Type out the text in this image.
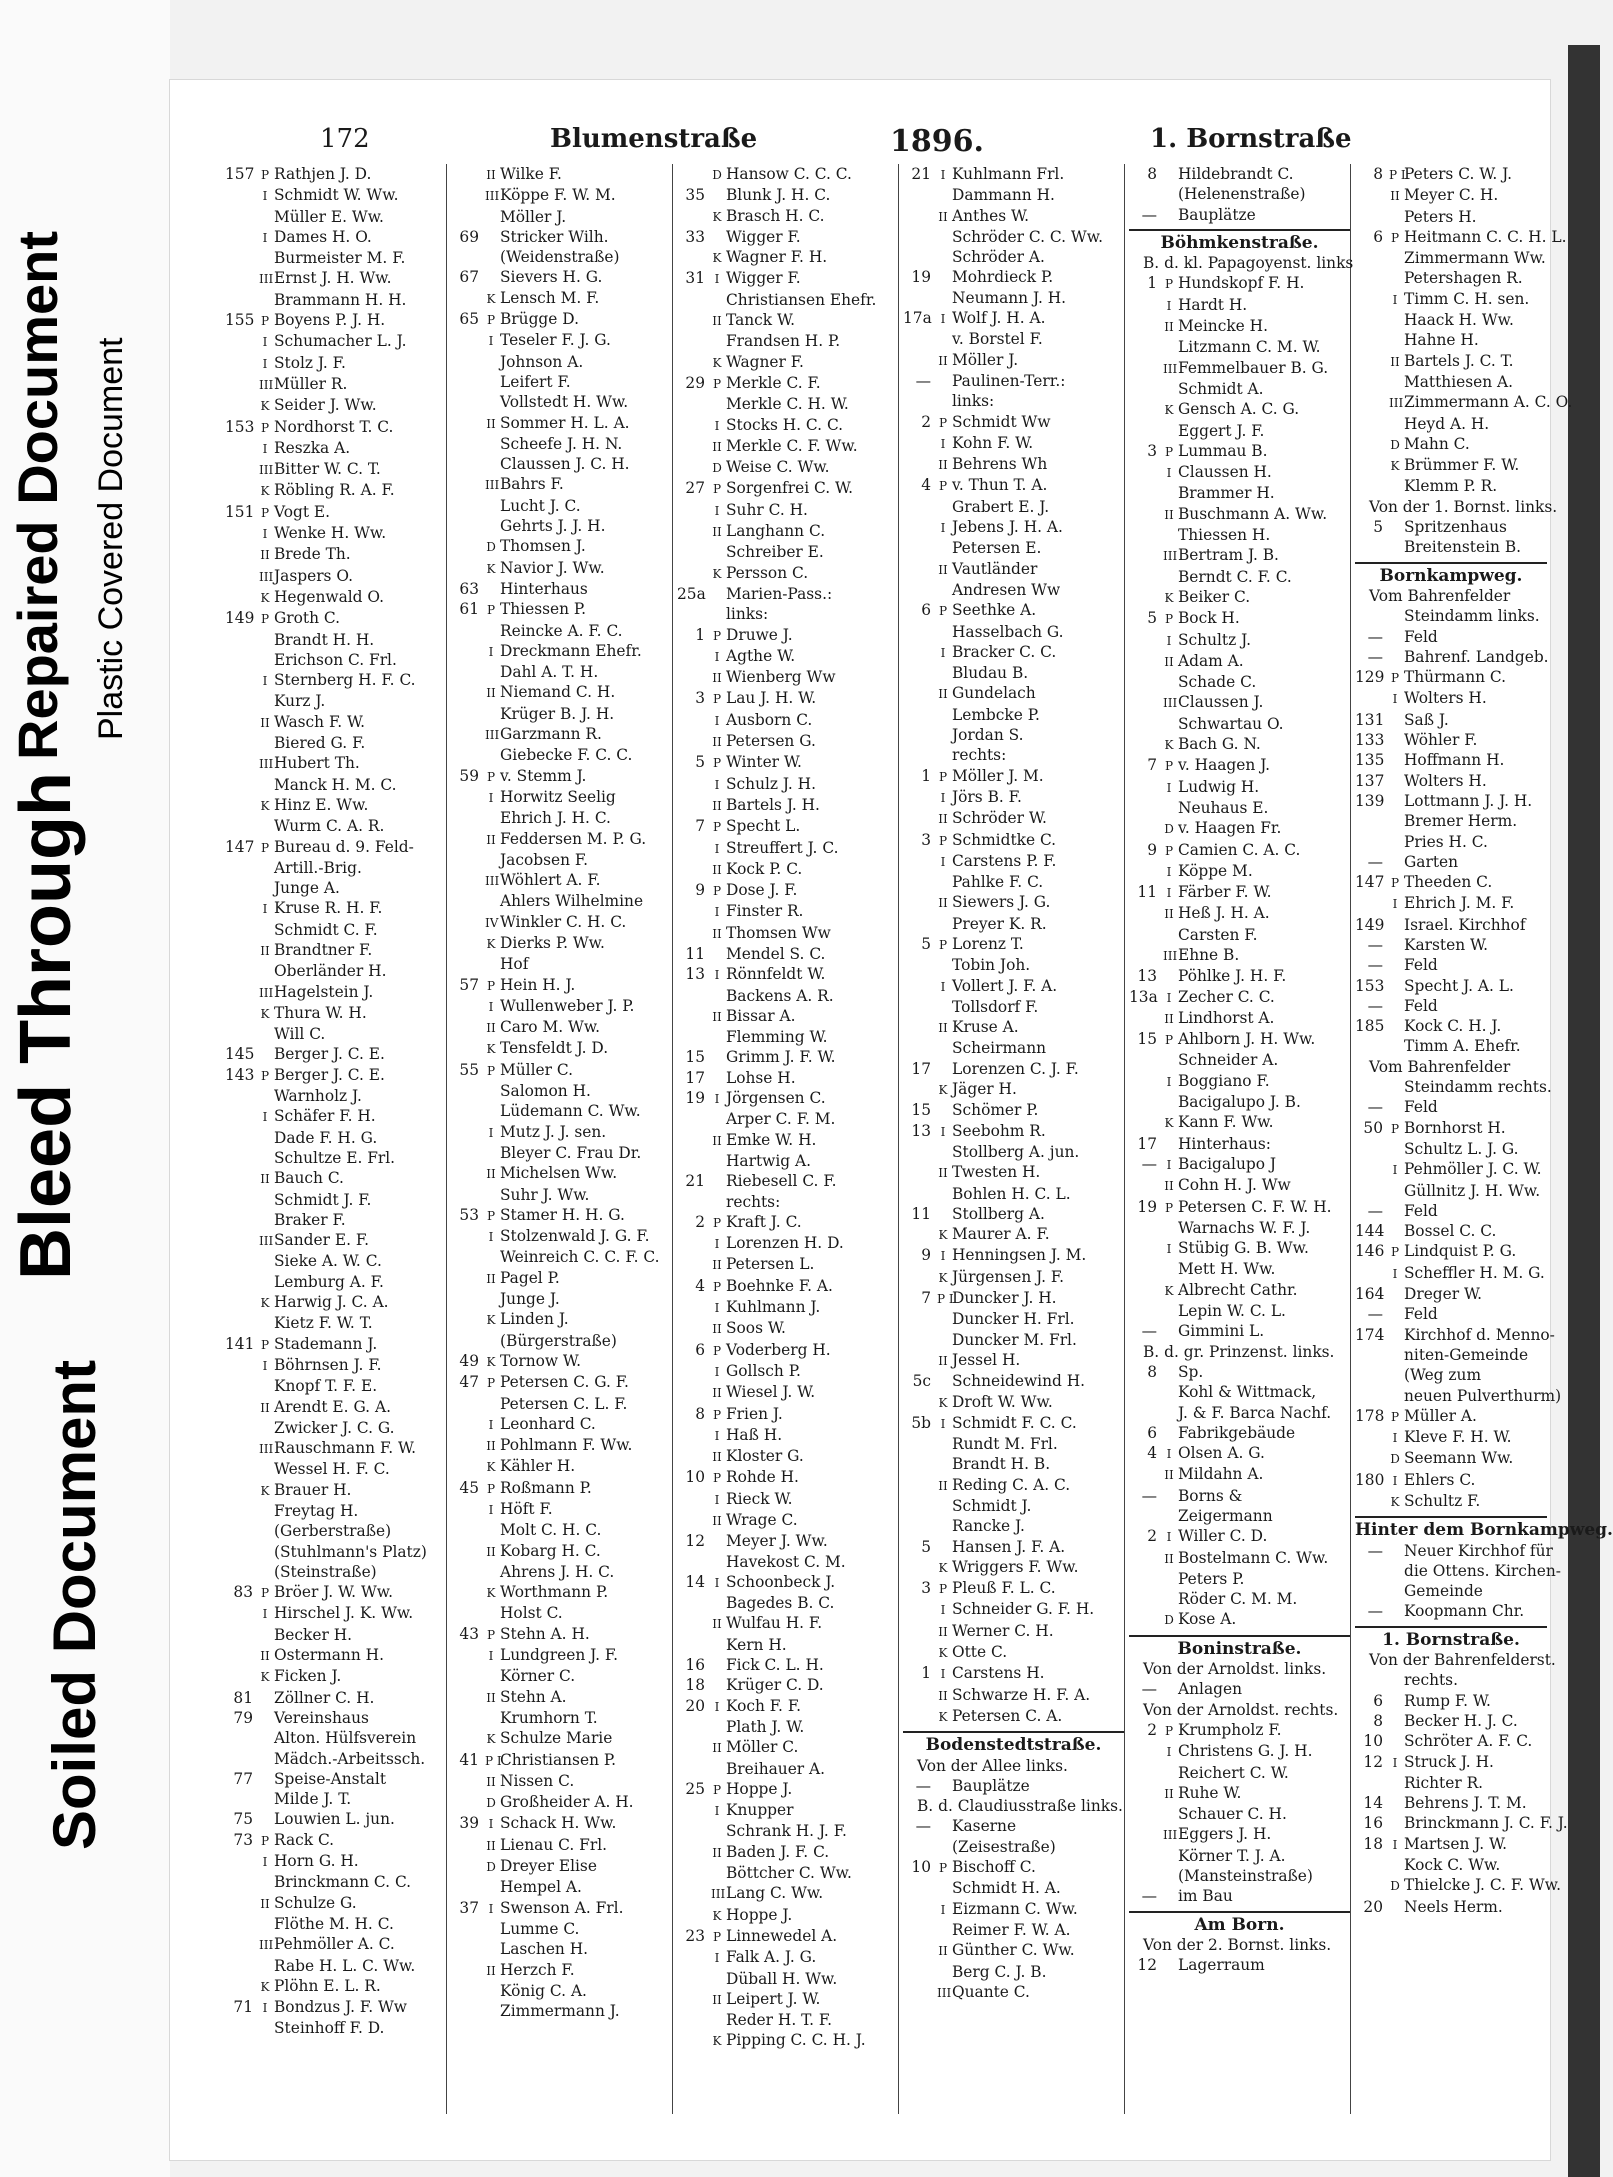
Soiled Document
Bleed Through
Repaired Document Plastic Covered Document
172	Blumenstraße	1896.	1. Bornstraße
157 P Rathjen J. D.
I Schmidt W. Ww.
Müller E. Ww.
I Dames H. O.
Burmeister M. F.
IIIErnst J. H. Ww.
Brammann H. H.
155 P Boyens P. J. H.
I Schumacher L. J.
I Stolz J. F.
IIIMüller R.
K Seider J. Ww.
153 P Nordhorst T. C.
I Reszka A.
IIIBitter W. C. T.
K Röbling R. A. F.
151 P Vogt E.
I Wenke H. Ww.
II Brede Th.
IIIJaspers O.
K Hegenwald O.
149 P Groth C.
Brandt H. H.
Erichson C. Frl.
I Sternberg H. F. C.
Kurz J.
II Wasch F. W.
Biered G. F.
IIIHubert Th.
Manck H. M. C.
K Hinz E. Ww.
Wurm C. A. R.
147 P Bureau d. 9. Feld-
Artill.-Brig.
Junge A.
I Kruse R. H. F.
Schmidt C. F.
II Brandtner F.
Oberländer H.
IIIHagelstein J.
K Thura W. H.
Will C.
145 Berger J. C. E.
143 P Berger J. C. E.
Warnholz J.
I Schäfer F. H.
Dade F. H. G.
Schultze E. Frl.
II Bauch C.
Schmidt J. F.
Braker F.
IIISander E. F.
Sieke A. W. C.
Lemburg A. F.
K Harwig J. C. A.
Kietz F. W. T.
141 P Stademann J.
I Böhrnsen J. F.
Knopf T. F. E.
II Arendt E. G. A.
Zwicker J. C. G.
IIIRauschmann F. W.
Wessel H. F. C.
K Brauer H.
Freytag H.
(Gerberstraße)
(Stuhlmann's Platz)
(Steinstraße)
83 P Bröer J. W. Ww.
I Hirschel J. K. Ww.
Becker H.
II Ostermann H.
K Ficken J.
81 Zöllner C. H.
79 Vereinshaus
Alton. Hülfsverein
Mädch.-Arbeitssch.
77 Speise-Anstalt
Milde J. T.
75 Louwien L. jun.
73 P Rack C.
I Horn G. H.
Brinckmann C. C.
II Schulze G.
Flöthe M. H. C.
IIIPehmöller A. C.
Rabe H. L. C. Ww.
K Plöhn E. L. R.
71 I Bondzus J. F. Ww
Steinhoff F. D.
II Wilke F.
IIIKöppe F. W. M.
Möller J.
69 Stricker Wilh.
(Weidenstraße)
67 Sievers H. G.
K Lensch M. F.
65 P Brügge D.
I Teseler F. J. G.
Johnson A.
Leifert F.
Vollstedt H. Ww.
II Sommer H. L. A.
Scheefe J. H. N.
Claussen J. C. H.
IIIBahrs F.
Lucht J. C.
Gehrts J. J. H.
D Thomsen J.
K Navior J. Ww.
63 Hinterhaus
61 P Thiessen P.
Reincke A. F. C.
I Dreckmann Ehefr.
Dahl A. T. H.
II Niemand C. H.
Krüger B. J. H.
IIIGarzmann R.
Giebecke F. C. C.
59 P v. Stemm J.
I Horwitz Seelig
Ehrich J. H. C.
II Feddersen M. P. G.
Jacobsen F.
IIIWöhlert A. F.
Ahlers Wilhelmine
IV Winkler C. H. C.
K Dierks P. Ww.
Hof
57 P Hein H. J.
I Wullenweber J. P.
II Caro M. Ww.
K Tensfeldt J. D.
55 P Müller C.
Salomon H.
Lüdemann C. Ww.
I Mutz J. J. sen.
Bleyer C. Frau Dr.
II Michelsen Ww.
Suhr J. Ww.
53 P Stamer H. H. G.
I Stolzenwald J. G. F.
Weinreich C. C. F. C.
II Pagel P.
Junge J.
K Linden J.
(Bürgerstraße)
49 K Tornow W.
47 P Petersen C. G. F.
Petersen C. L. F.
I Leonhard C.
II Pohlmann F. Ww.
K Kähler H.
45 P Roßmann P.
I Höft F.
Molt C. H. C.
II Kobarg H. C.
Ahrens J. H. C.
K Worthmann P.
Holst C.
43 P Stehn A. H.
I Lundgreen J. F.
Körner C.
II Stehn A.
Krumhorn T.
K Schulze Marie
41 P IChristiansen P.
II Nissen C.
D Großheider A. H.
39 I Schack H. Ww.
II Lienau C. Frl.
D Dreyer Elise
Hempel A.
37 I Swenson A. Frl.
Lumme C.
Laschen H.
II Herzch F.
König C. A.
Zimmermann J.
D Hansow C. C. C.
35 Blunk J. H. C.
K Brasch H. C.
33 Wigger F.
K Wagner F. H.
31 I Wigger F.
Christiansen Ehefr.
II Tanck W.
Frandsen H. P.
K Wagner F.
29 P Merkle C. F.
Merkle C. H. W.
I Stocks H. C. C.
II Merkle C. F. Ww.
D Weise C. Ww.
27 P Sorgenfrei C. W.
I Suhr C. H.
II Langhann C.
Schreiber E.
K Persson C.
25a Marien-Pass.:
links:
1 P Druwe J.
I Agthe W.
II Wienberg Ww
3 P Lau J. H. W.
I Ausborn C.
II Petersen G.
5 P Winter W.
I Schulz J. H.
II Bartels J. H.
7 P Specht L.
I Streuffert J. C.
II Kock P. C.
9 P Dose J. F.
I Finster R.
II Thomsen Ww
11 Mendel S. C.
13 I Rönnfeldt W.
Backens A. R.
II Bissar A.
Flemming W.
15 Grimm J. F. W.
17 Lohse H.
19 I Jörgensen C.
Arper C. F. M.
II Emke W. H.
Hartwig A.
21 Riebesell C. F.
rechts:
2 P Kraft J. C.
I Lorenzen H. D.
II Petersen L.
4 P Boehnke F. A.
I Kuhlmann J.
II Soos W.
6 P Voderberg H.
I Gollsch P.
II Wiesel J. W.
8 P Frien J.
I Haß H.
II Kloster G.
10 P Rohde H.
I Rieck W.
II Wrage C.
12 Meyer J. Ww.
Havekost C. M.
14 I Schoonbeck J.
Bagedes B. C.
II Wulfau H. F.
Kern H.
16 Fick C. L. H.
18 Krüger C. D.
20 I Koch F. F.
Plath J. W.
II Möller C.
Breihauer A.
25 P Hoppe J.
I Knupper
Schrank H. J. F.
II Baden J. F. C.
Böttcher C. Ww.
IIILang C. Ww.
K Hoppe J.
23 P Linnewedel A.
I Falk A. J. G.
Düball H. Ww.
II Leipert J. W.
Reder H. T. F.
K Pipping C. C. H. J.
21 I Kuhlmann Frl.
Dammann H.
II Anthes W.
Schröder C. C. Ww.
Schröder A.
19 Mohrdieck P.
Neumann J. H.
17a I Wolf J. H. A.
v. Borstel F.
II Möller J.
— Paulinen-Terr.:
links:
2 P Schmidt Ww
I Kohn F. W.
II Behrens Wh
4 P v. Thun T. A.
Grabert E. J.
I Jebens J. H. A.
Petersen E.
II Vautländer
Andresen Ww
6 P Seethke A.
Hasselbach G.
I Bracker C. C.
Bludau B.
II Gundelach
Lembcke P.
Jordan S.
rechts:
1 P Möller J. M.
I Jörs B. F.
II Schröder W.
3 P Schmidtke C.
I Carstens P. F.
Pahlke F. C.
II Siewers J. G.
Preyer K. R.
5 P Lorenz T.
Tobin Joh.
I Vollert J. F. A.
Tollsdorf F.
II Kruse A.
Scheirmann
17 Lorenzen C. J. F.
K Jäger H.
15 Schömer P.
13 I Seebohm R.
Stollberg A. jun.
II Twesten H.
Bohlen H. C. L.
11 Stollberg A.
K Maurer A. F.
9 I Henningsen J. M.
K Jürgensen J. F.
7 P IDuncker J. H.
Duncker H. Frl.
Duncker M. Frl.
II Jessel H.
5c Schneidewind H.
K Droft W. Ww.
5b I Schmidt F. C. C.
Rundt M. Frl.
Brandt H. B.
II Reding C. A. C.
Schmidt J.
Rancke J.
5 Hansen J. F. A.
K Wriggers F. Ww.
3 P Pleuß F. L. C.
I Schneider G. F. H.
II Werner C. H.
K Otte C.
1 I Carstens H.
II Schwarze H. F. A.
K Petersen C. A.
Bodenstedtstraße.
Von der Allee links.
— Bauplätze
B. d. Claudiusstraße links.
— Kaserne
(Zeisestraße)
10 P Bischoff C.
Schmidt H. A.
I Eizmann C. Ww.
Reimer F. W. A.
II Günther C. Ww.
Berg C. J. B.
IIIQuante C.
8 Hildebrandt C.
(Helenenstraße)
— Bauplätze
Böhmkenstraße.
B. d. kl. Papagoyenst. links
1 P Hundskopf F. H.
I Hardt H.
II Meincke H.
Litzmann C. M. W.
IIIFemmelbauer B. G.
Schmidt A.
K Gensch A. C. G.
Eggert J. F.
3 P Lummau B.
I Claussen H.
Brammer H.
II Buschmann A. Ww.
Thiessen H.
IIIBertram J. B.
Berndt C. F. C.
K Beiker C.
5 P Bock H.
I Schultz J.
II Adam A.
Schade C.
IIIClaussen J.
Schwartau O.
K Bach G. N.
7 P v. Haagen J.
I Ludwig H.
Neuhaus E.
D v. Haagen Fr.
9 P Camien C. A. C.
I Köppe M.
11 I Färber F. W.
II Heß J. H. A.
Carsten F.
IIIEhne B.
13 Pöhlke J. H. F.
13a I Zecher C. C.
II Lindhorst A.
15 P Ahlborn J. H. Ww.
Schneider A.
I Boggiano F.
Bacigalupo J. B.
K Kann F. Ww.
17 Hinterhaus:
— I Bacigalupo J
II Cohn H. J. Ww
19 P Petersen C. F. W. H.
Warnachs W. F. J.
I Stübig G. B. Ww.
Mett H. Ww.
K Albrecht Cathr.
Lepin W. C. L.
— Gimmini L.
B. d. gr. Prinzenst. links.
8 Sp.
Kohl & Wittmack,
J. & F. Barca Nachf.
6 Fabrikgebäude
4 I Olsen A. G.
II Mildahn A.
— Borns &
Zeigermann
2 I Willer C. D.
II Bostelmann C. Ww.
Peters P.
Röder C. M. M.
D Kose A.
Boninstraße.
Von der Arnoldst. links.
— Anlagen
Von der Arnoldst. rechts.
2 P Krumpholz F.
I Christens G. J. H.
Reichert C. W.
II Ruhe W.
Schauer C. H.
IIIEggers J. H.
Körner T. J. A.
(Mansteinstraße)
— im Bau
Am Born.
Von der 2. Bornst. links.
12 Lagerraum
8 P IPeters C. W. J.
II Meyer C. H.
Peters H.
6 P Heitmann C. C. H. L.
Zimmermann Ww.
Petershagen R.
I Timm C. H. sen.
Haack H. Ww.
Hahne H.
II Bartels J. C. T.
Matthiesen A.
IIIZimmermann A. C. O.
Heyd A. H.
D Mahn C.
K Brümmer F. W.
Klemm P. R.
Von der 1. Bornst. links.
5 Spritzenhaus
Breitenstein B.
Bornkampweg.
Vom Bahrenfelder
Steindamm links.
— Feld
— Bahrenf. Landgeb.
129 P Thürmann C.
I Wolters H.
131 Saß J.
133 Wöhler F.
135 Hoffmann H.
137 Wolters H.
139 Lottmann J. J. H.
Bremer Herm.
Pries H. C.
— Garten
147 P Theeden C.
I Ehrich J. M. F.
149 Israel. Kirchhof
— Karsten W.
— Feld
153 Specht J. A. L.
— Feld
185 Kock C. H. J.
Timm A. Ehefr.
Vom Bahrenfelder
Steindamm rechts.
— Feld
50 P Bornhorst H.
Schultz L. J. G.
I Pehmöller J. C. W.
Güllnitz J. H. Ww.
— Feld
144 Bossel C. C.
146 P Lindquist P. G.
I Scheffler H. M. G.
164 Dreger W.
— Feld
174 Kirchhof d. Menno-
niten-Gemeinde
(Weg zum
neuen Pulverthurm)
178 P Müller A.
I Kleve F. H. W.
D Seemann Ww.
180 I Ehlers C.
K Schultz F.
Hinter dem Bornkampweg.
— Neuer Kirchhof für
die Ottens. Kirchen-
Gemeinde
— Koopmann Chr.
1. Bornstraße.
Von der Bahrenfelderst.
rechts.
6 Rump F. W.
8 Becker H. J. C.
10 Schröter A. F. C.
12 I Struck J. H.
Richter R.
14 Behrens J. T. M.
16 Brinckmann J. C. F. J.
18 I Martsen J. W.
Kock C. Ww.
D Thielcke J. C. F. Ww.
20 Neels Herm.
